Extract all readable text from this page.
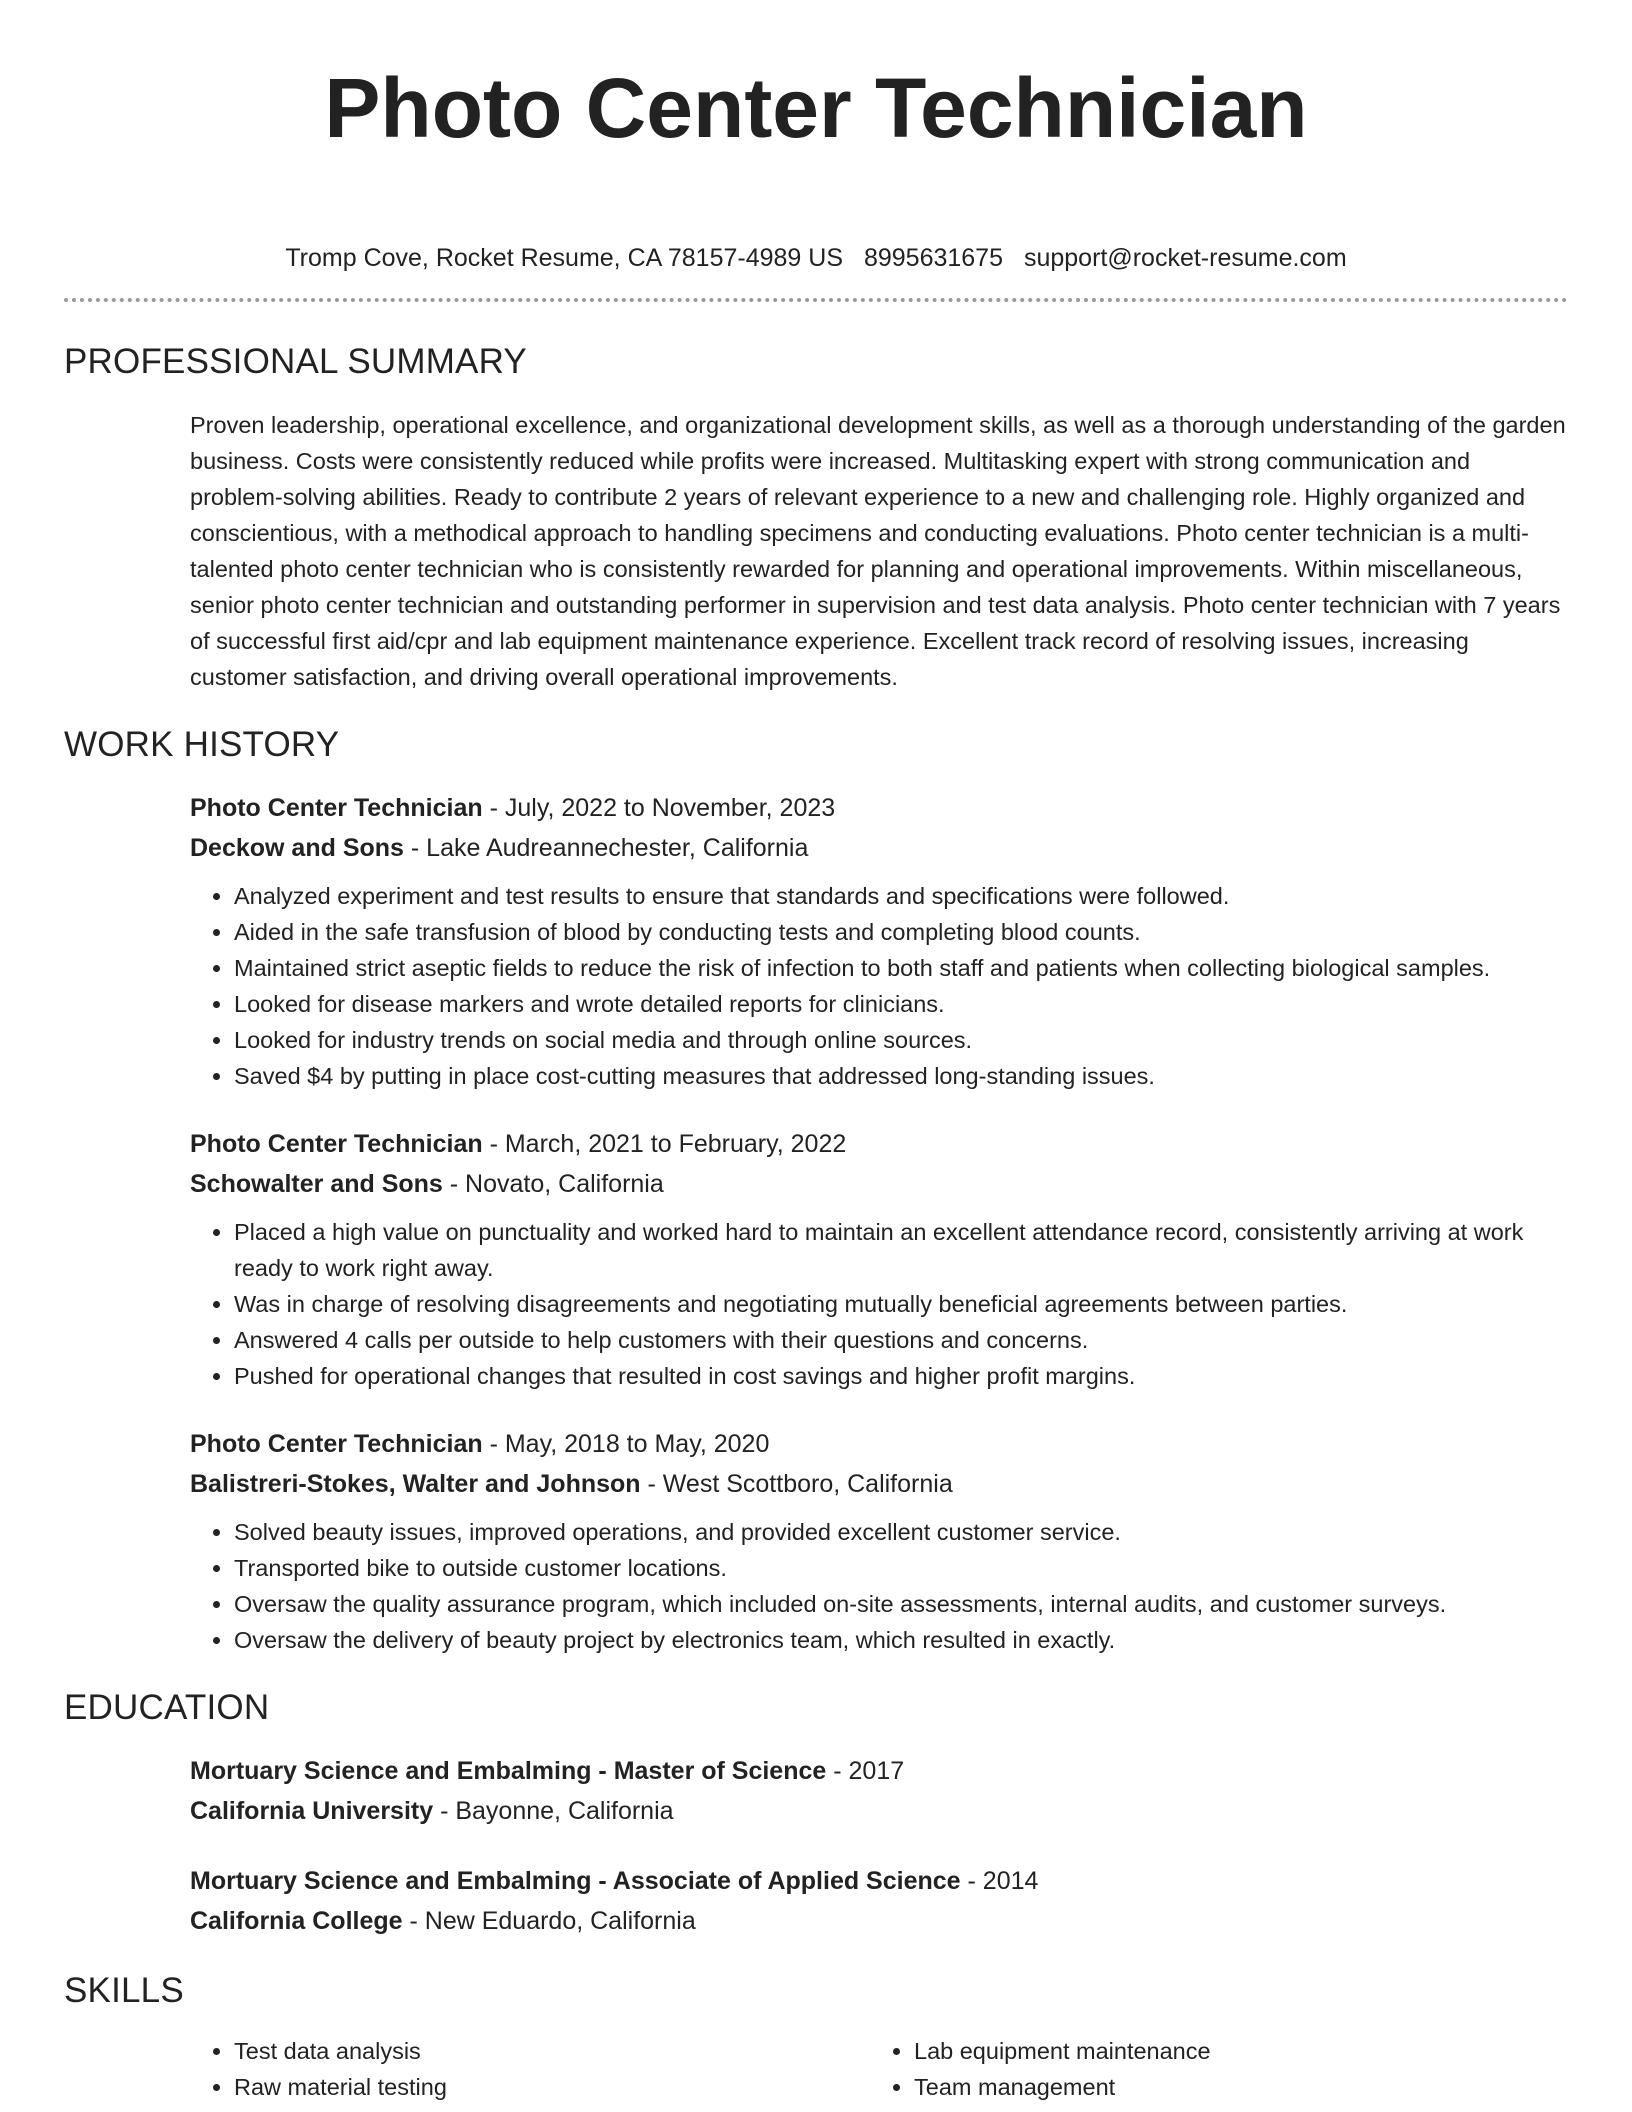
Photo Center Technician
Tromp Cove, Rocket Resume, CA 78157-4989 US 8995631675 support@rocket-resume.com
PROFESSIONAL SUMMARY
Proven leadership, operational excellence, and organizational development skills, as well as a thorough understanding of the garden business. Costs were consistently reduced while profits were increased. Multitasking expert with strong communication and problem-solving abilities. Ready to contribute 2 years of relevant experience to a new and challenging role. Highly organized and conscientious, with a methodical approach to handling specimens and conducting evaluations. Photo center technician is a multi-talented photo center technician who is consistently rewarded for planning and operational improvements. Within miscellaneous, senior photo center technician and outstanding performer in supervision and test data analysis. Photo center technician with 7 years of successful first aid/cpr and lab equipment maintenance experience. Excellent track record of resolving issues, increasing customer satisfaction, and driving overall operational improvements.
WORK HISTORY
Photo Center Technician - July, 2022 to November, 2023
Deckow and Sons - Lake Audreannechester, California
• Analyzed experiment and test results to ensure that standards and specifications were followed.
• Aided in the safe transfusion of blood by conducting tests and completing blood counts.
• Maintained strict aseptic fields to reduce the risk of infection to both staff and patients when collecting biological samples.
• Looked for disease markers and wrote detailed reports for clinicians.
• Looked for industry trends on social media and through online sources.
• Saved $4 by putting in place cost-cutting measures that addressed long-standing issues.
Photo Center Technician - March, 2021 to February, 2022
Schowalter and Sons - Novato, California
• Placed a high value on punctuality and worked hard to maintain an excellent attendance record, consistently arriving at work ready to work right away.
• Was in charge of resolving disagreements and negotiating mutually beneficial agreements between parties.
• Answered 4 calls per outside to help customers with their questions and concerns.
• Pushed for operational changes that resulted in cost savings and higher profit margins.
Photo Center Technician - May, 2018 to May, 2020
Balistreri-Stokes, Walter and Johnson - West Scottboro, California
• Solved beauty issues, improved operations, and provided excellent customer service.
• Transported bike to outside customer locations.
• Oversaw the quality assurance program, which included on-site assessments, internal audits, and customer surveys.
• Oversaw the delivery of beauty project by electronics team, which resulted in exactly.
EDUCATION
Mortuary Science and Embalming - Master of Science - 2017
California University - Bayonne, California
Mortuary Science and Embalming - Associate of Applied Science - 2014
California College - New Eduardo, California
SKILLS
• Test data analysis
• Raw material testing
• Lab equipment maintenance
• Team management
